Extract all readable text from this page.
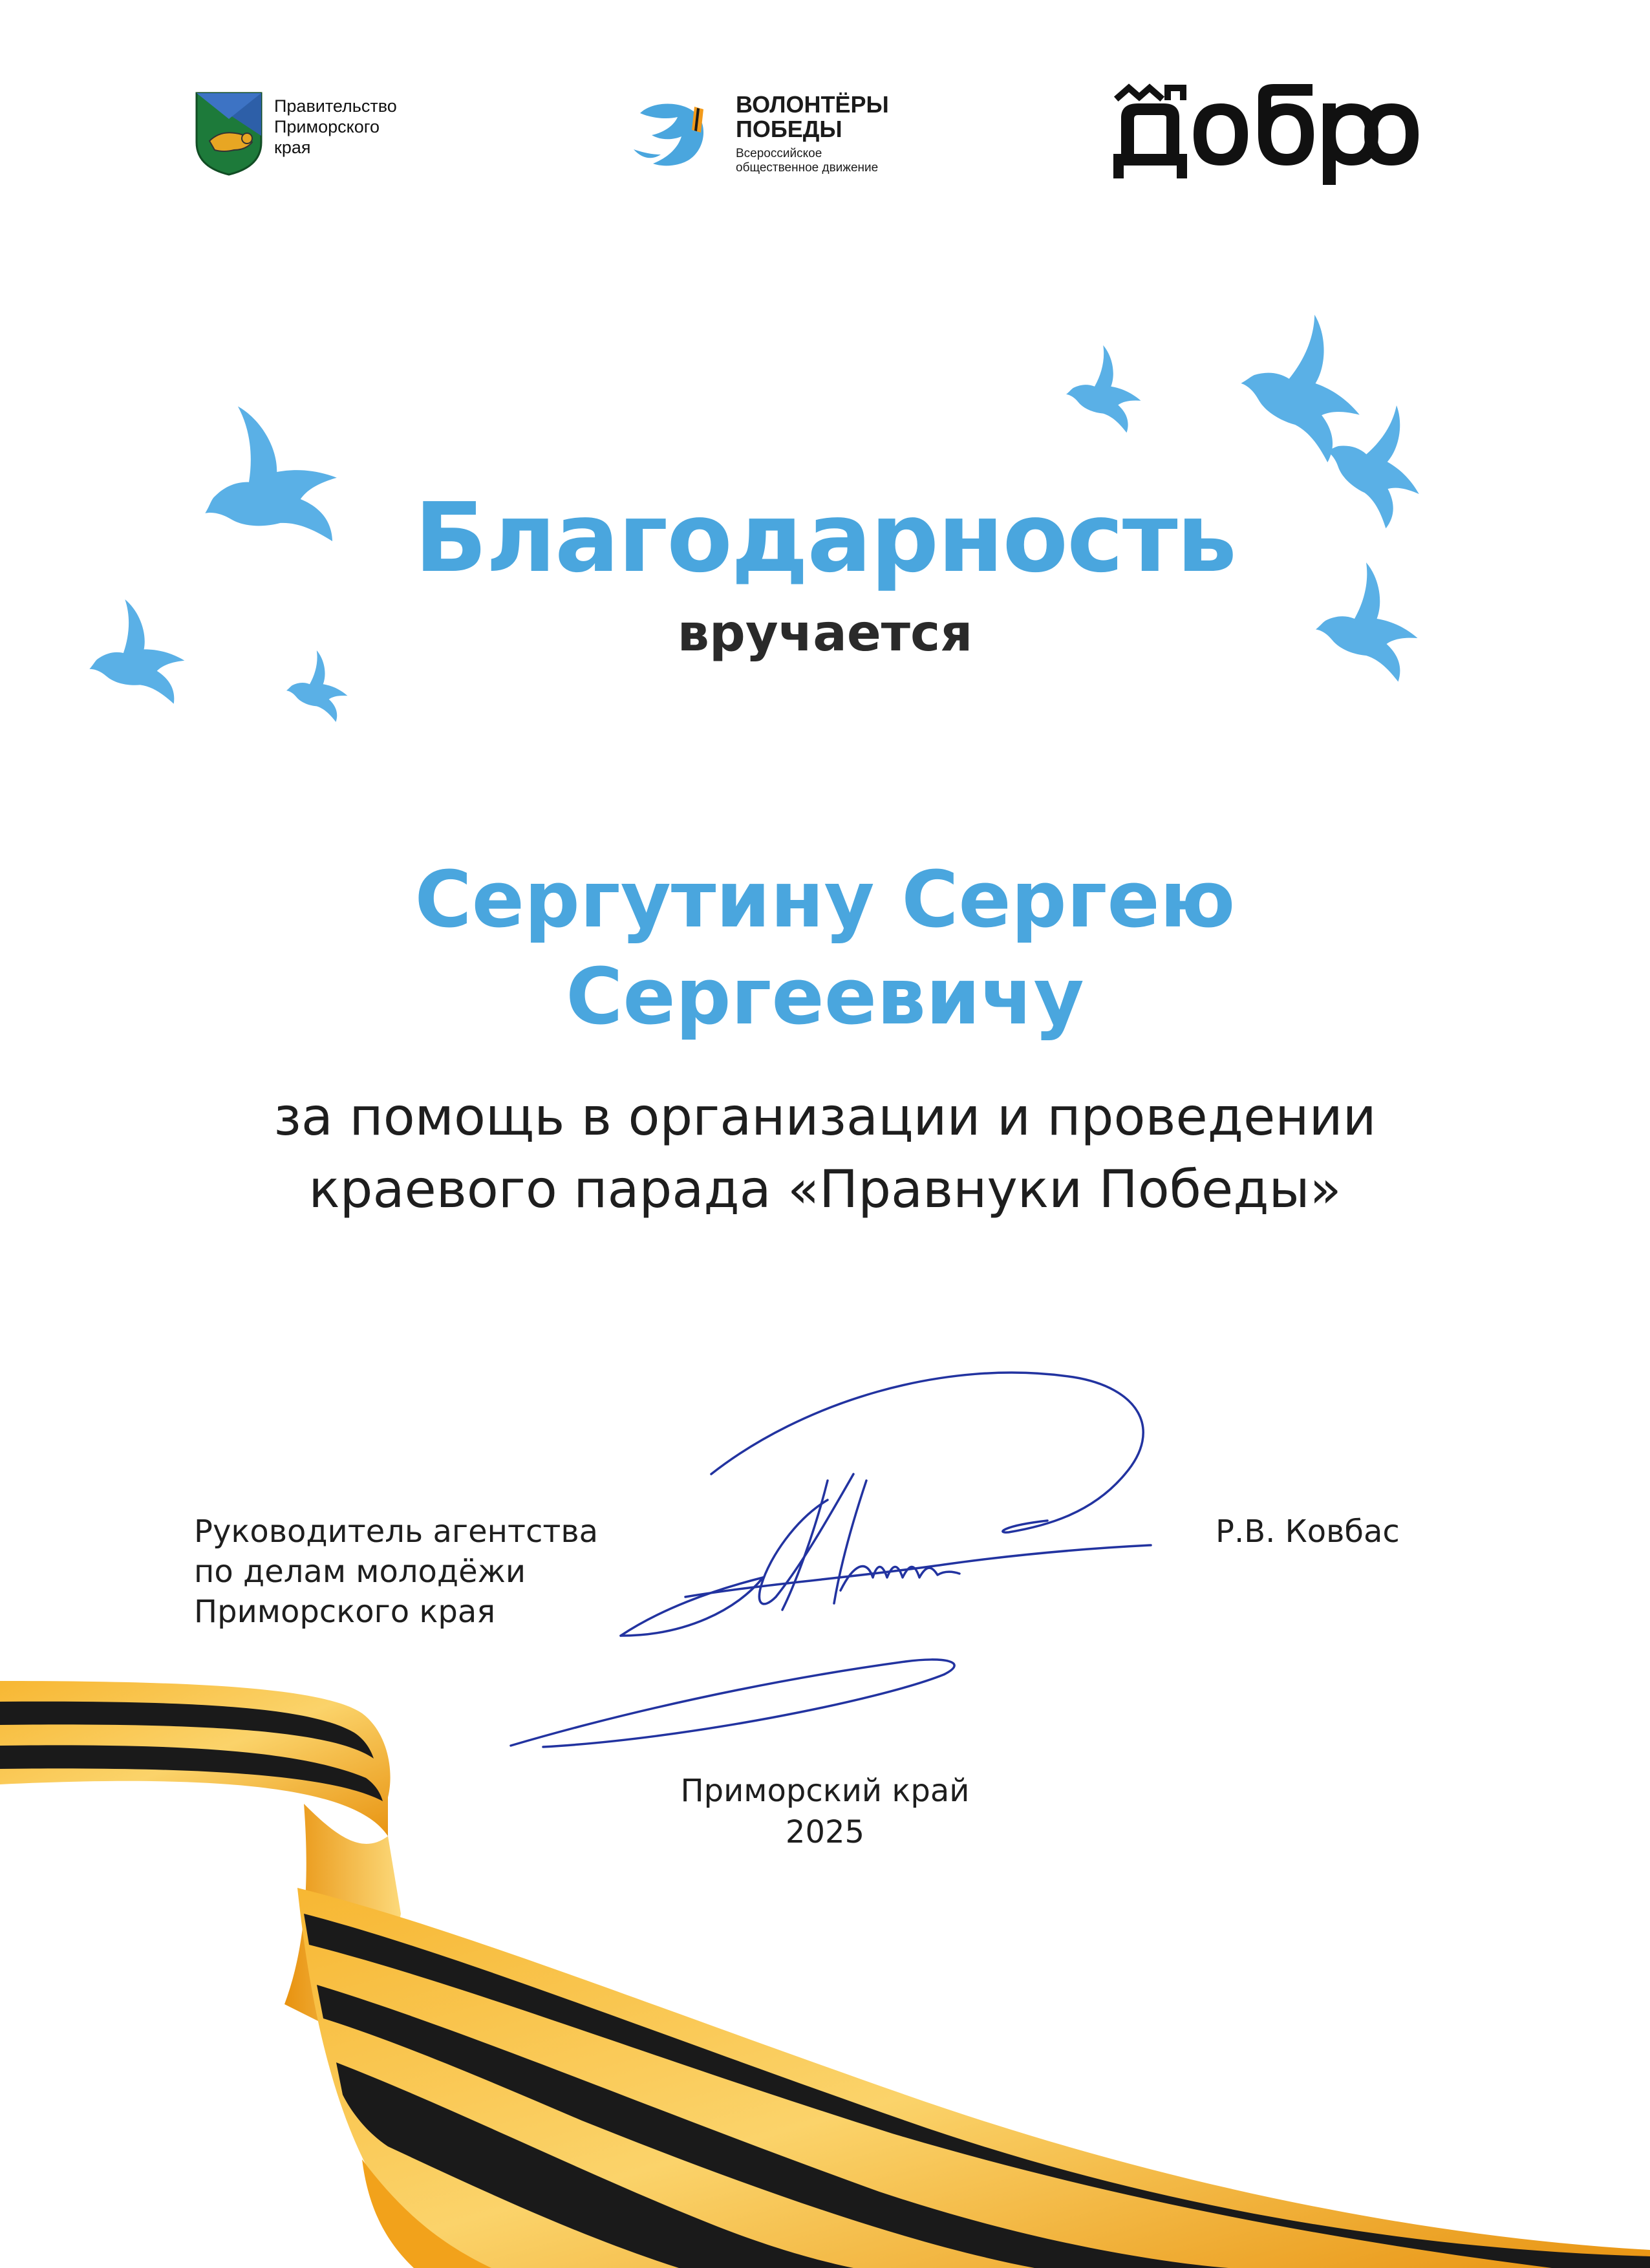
Правительство
Приморского
края
ВОЛОНТЁРЫ
ПОБЕДЫ
Всероссийское
общественное движение
Благодарность
вручается
Сергутину Сергею
Сергеевичу
за помощь в организации и проведении
краевого парада «Правнуки Победы»
Руководитель агентства
по делам молодёжи
Приморского края
Р.В. Ковбас
Приморский край
2025
